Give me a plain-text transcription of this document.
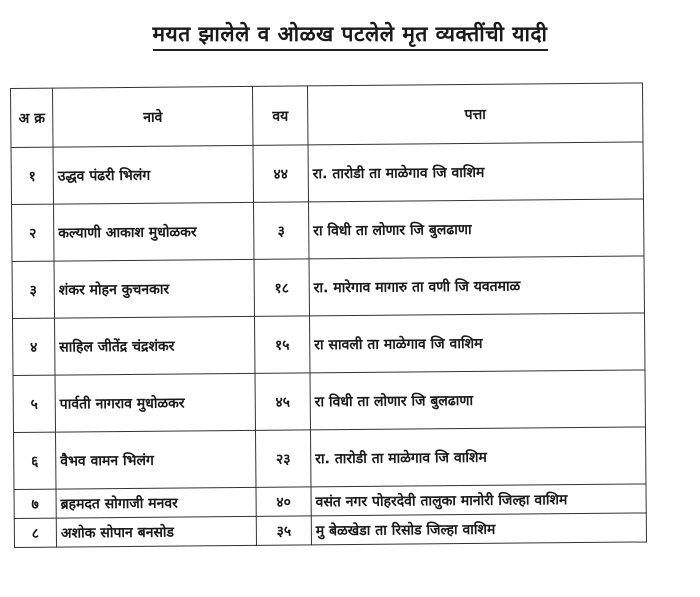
मयत झालेले व ओळख पटलेले मृत व्यक्तींची यादी
अ क्र	नावे	वय	पत्ता
१	उद्धव पंढरी भिलंग	४४	रा. तारोडी ता माळेगाव जि वाशिम
२	कल्याणी आकाश मुधोळकर	३	रा विधी ता लोणार जि बुलढाणा
३	शंकर मोहन कुचनकार	१८	रा. मारेगाव मागारु ता वणी जि यवतमाळ
४	साहिल जीतेंद्र चंद्रशंकर	१५	रा सावली ता माळेगाव जि वाशिम
५	पार्वती नागराव मुधोळकर	४५	रा विधी ता लोणार जि बुलढाणा
६	वैभव वामन भिलंग	२३	रा. तारोडी ता माळेगाव जि वाशिम
७	ब्रहमदत सोगाजी मनवर	४०	वसंत नगर पोहरदेवी तालुका मानोरी जिल्हा वाशिम
८	अशोक सोपान बनसोड	३५	मु बेळखेडा ता रिसोड जिल्हा वाशिम
